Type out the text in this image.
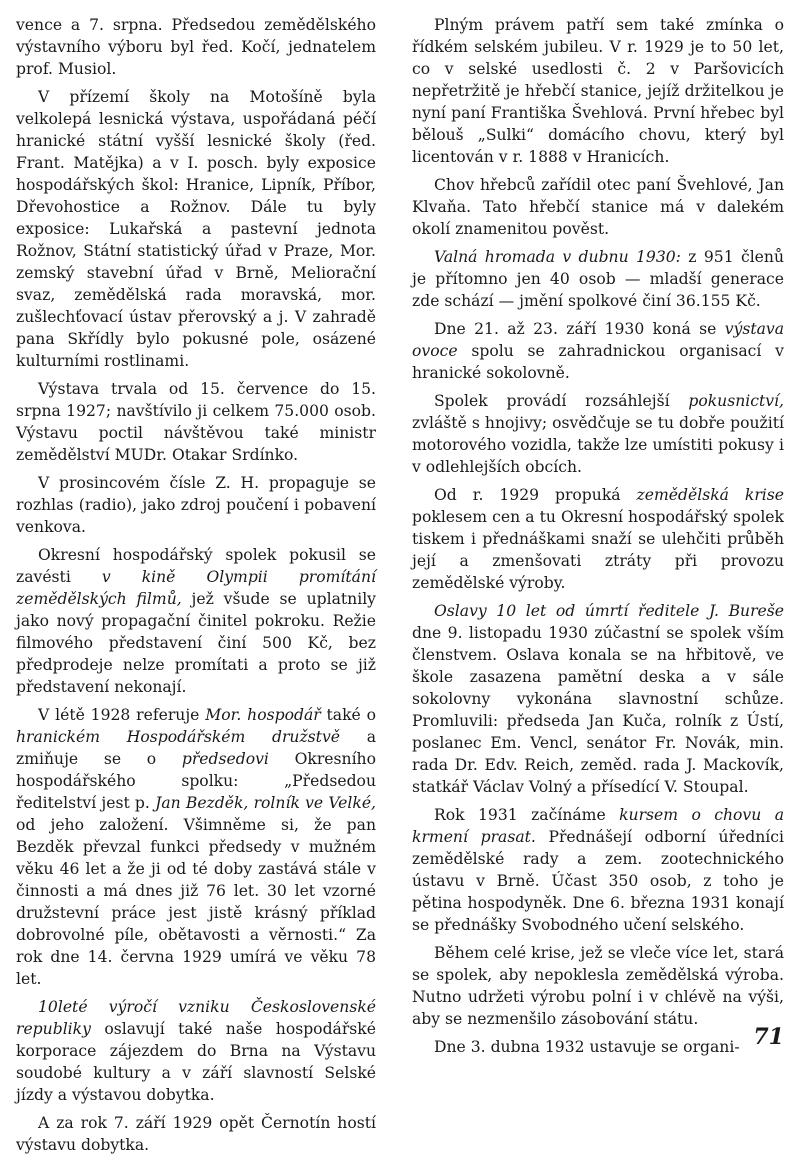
vence a 7. srpna. Předsedou zemědělského výstavního výboru byl řed. Kočí, jednatelem prof. Musiol.

V přízemí školy na Motošíně byla velkolepá lesnická výstava, uspořádaná péčí hranické státní vyšší lesnické školy (řed. Frant. Matějka) a v I. posch. byly exposice hospodářských škol: Hranice, Lipník, Příbor, Dřevohostice a Rožnov. Dále tu byly exposice: Lukařská a pastevní jednota Rožnov, Státní statistický úřad v Praze, Mor. zemský stavební úřad v Brně, Meliorační svaz, zemědělská rada moravská, mor. zušlechťovací ústav přerovský a j. V zahradě pana Skřídly bylo pokusné pole, osázené kulturními rostlinami.

Výstava trvala od 15. července do 15. srpna 1927; navštívilo ji celkem 75.000 osob. Výstavu poctil návštěvou také ministr zemědělství MUDr. Otakar Srdínko.

V prosincovém čísle Z. H. propaguje se rozhlas (radio), jako zdroj poučení i pobavení venkova.

Okresní hospodářský spolek pokusil se zavésti v kině Olympii promítání zemědělských filmů, jež všude se uplatnily jako nový propagační činitel pokroku. Režie filmového představení činí 500 Kč, bez předprodeje nelze promítati a proto se již představení nekonají.

V létě 1928 referuje Mor. hospodář také o hranickém Hospodářském družstvě a zmiňuje se o předsedovi Okresního hospodářského spolku: „Předsedou ředitelství jest p. Jan Bezděk, rolník ve Velké, od jeho založení. Všimněme si, že pan Bezděk převzal funkci předsedy v mužném věku 46 let a že ji od té doby zastává stále v činnosti a má dnes již 76 let. 30 let vzorné družstevní práce jest jistě krásný příklad dobrovolné píle, obětavosti a věrnosti.“ Za rok dne 14. června 1929 umírá ve věku 78 let.

10leté výročí vzniku Československé republiky oslavují také naše hospodářské korporace zájezdem do Brna na Výstavu soudobé kultury a v září slavností Selské jízdy a výstavou dobytka.

A za rok 7. září 1929 opět Černotín hostí výstavu dobytka.

Plným právem patří sem také zmínka o řídkém selském jubileu. V r. 1929 je to 50 let, co v selské usedlosti č. 2 v Paršovicích nepřetržitě je hřebčí stanice, jejíž držitelkou je nyní paní Františka Švehlová. První hřebec byl bělouš „Sulki“ domácího chovu, který byl licentován v r. 1888 v Hranicích.

Chov hřebců zařídil otec paní Švehlové, Jan Klvaňa. Tato hřebčí stanice má v dalekém okolí znamenitou pověst.

Valná hromada v dubnu 1930: z 951 členů je přítomno jen 40 osob — mladší generace zde schází — jmění spolkové činí 36.155 Kč.

Dne 21. až 23. září 1930 koná se výstava ovoce spolu se zahradnickou organisací v hranické sokolovně.

Spolek provádí rozsáhlejší pokusnictví, zvláště s hnojivy; osvědčuje se tu dobře použití motorového vozidla, takže lze umístiti pokusy i v odlehlejších obcích.

Od r. 1929 propuká zemědělská krise poklesem cen a tu Okresní hospodářský spolek tiskem i přednáškami snaží se ulehčiti průběh její a zmenšovati ztráty při provozu zemědělské výroby.

Oslavy 10 let od úmrtí ředitele J. Bureše dne 9. listopadu 1930 zúčastní se spolek vším členstvem. Oslava konala se na hřbitově, ve škole zasazena pamětní deska a v sále sokolovny vykonána slavnostní schůze. Promluvili: předseda Jan Kuča, rolník z Ústí, poslanec Em. Vencl, senátor Fr. Novák, min. rada Dr. Edv. Reich, zeměd. rada J. Mackovík, statkář Václav Volný a přísedící V. Stoupal.

Rok 1931 začínáme kursem o chovu a krmení prasat. Přednášejí odborní úředníci zemědělské rady a zem. zootechnického ústavu v Brně. Účast 350 osob, z toho je pětina hospodyněk. Dne 6. března 1931 konají se přednášky Svobodného učení selského.

Během celé krise, jež se vleče více let, stará se spolek, aby nepoklesla zemědělská výroba. Nutno udržeti výrobu polní i v chlévě na výši, aby se nezmenšilo zásobování státu.

Dne 3. dubna 1932 ustavuje se organi- 71
